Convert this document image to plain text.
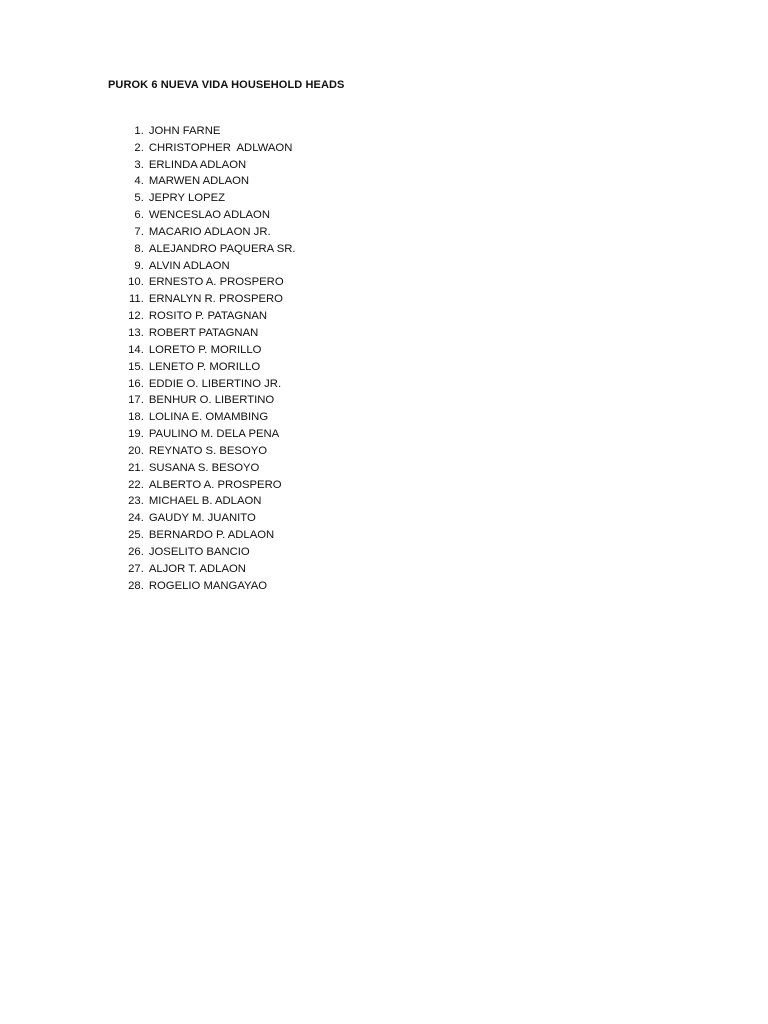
PUROK 6 NUEVA VIDA HOUSEHOLD HEADS

1. JOHN FARNE

2. CHRISTOPHER  ADLWAON

3. ERLINDA ADLAON

4. MARWEN ADLAON

5. JEPRY LOPEZ

6. WENCESLAO ADLAON

7. MACARIO ADLAON JR.

8. ALEJANDRO PAQUERA SR.

9. ALVIN ADLAON

10. ERNESTO A. PROSPERO

11. ERNALYN R. PROSPERO

12. ROSITO P. PATAGNAN

13. ROBERT PATAGNAN

14. LORETO P. MORILLO

15. LENETO P. MORILLO

16. EDDIE O. LIBERTINO JR.

17. BENHUR O. LIBERTINO

18. LOLINA E. OMAMBING

19. PAULINO M. DELA PENA

20. REYNATO S. BESOYO

21. SUSANA S. BESOYO

22. ALBERTO A. PROSPERO

23. MICHAEL B. ADLAON

24. GAUDY M. JUANITO

25. BERNARDO P. ADLAON

26. JOSELITO BANCIO

27. ALJOR T. ADLAON

28. ROGELIO MANGAYAO
